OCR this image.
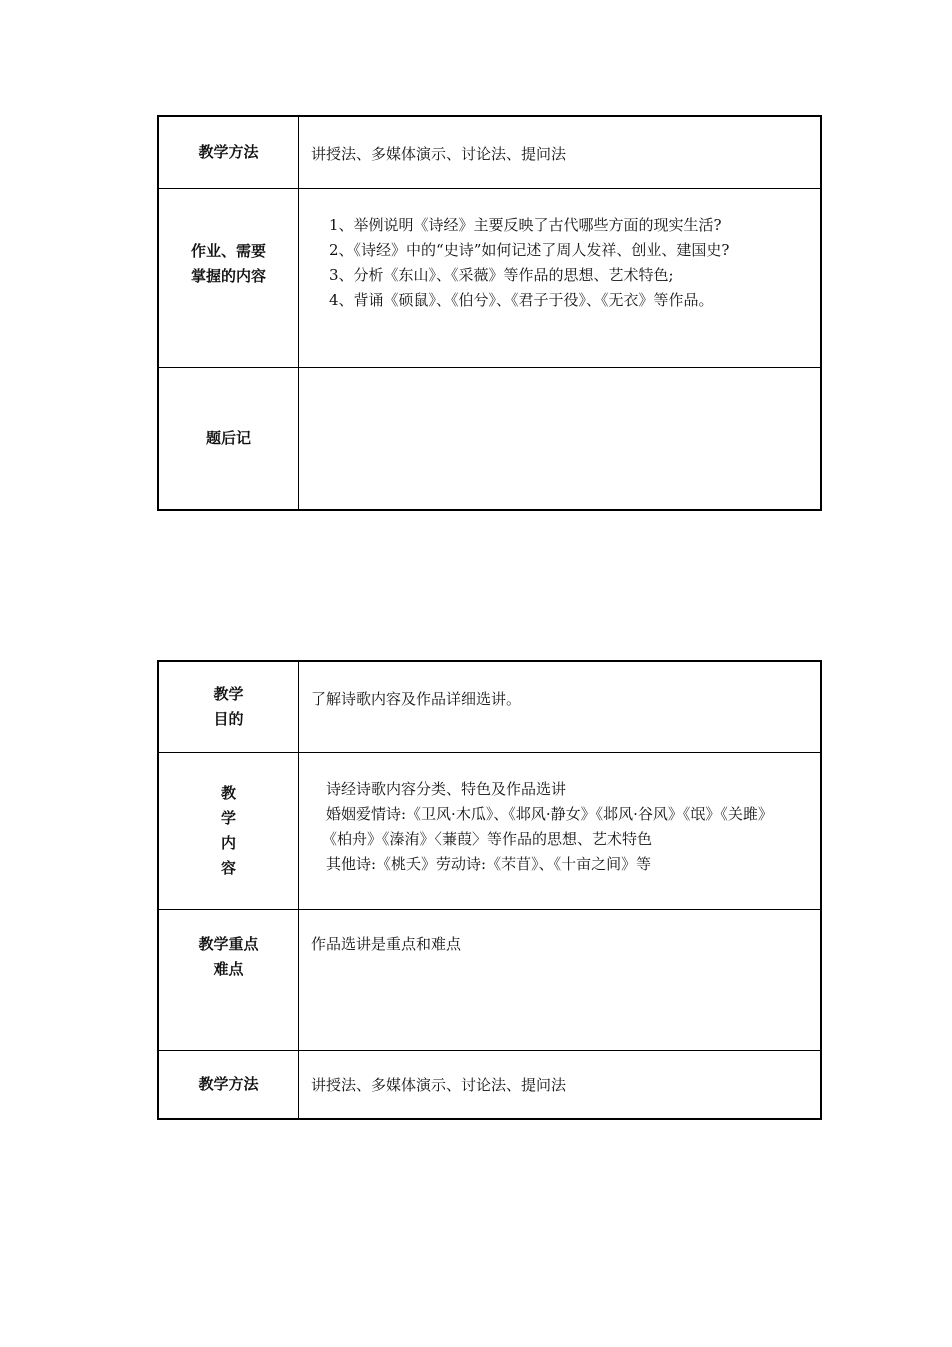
教学方法	讲授法、多媒体演示、讨论法、提问法
作业、需要
掌握的内容
1、举例说明《诗经》主要反映了古代哪些方面的现实生活?
2、《诗经》中的“史诗”如何记述了周人发祥、创业、建国史?
3、分析《东山》、《采薇》等作品的思想、艺术特色;
4、背诵《硕鼠》、《伯兮》、《君子于役》、《无衣》等作品。
题后记
教学
目的
了解诗歌内容及作品详细选讲。
教
学
内
容
诗经诗歌内容分类、特色及作品选讲
婚姻爱情诗:《卫风·木瓜》、《邶风·静女》《邶风·谷风》《氓》《关雎》
《柏舟》《溱洧》〈蒹葭〉等作品的思想、艺术特色
其他诗:《桃夭》劳动诗:《芣苜》、《十亩之间》等
教学重点
难点
作品选讲是重点和难点
教学方法	讲授法、多媒体演示、讨论法、提问法
